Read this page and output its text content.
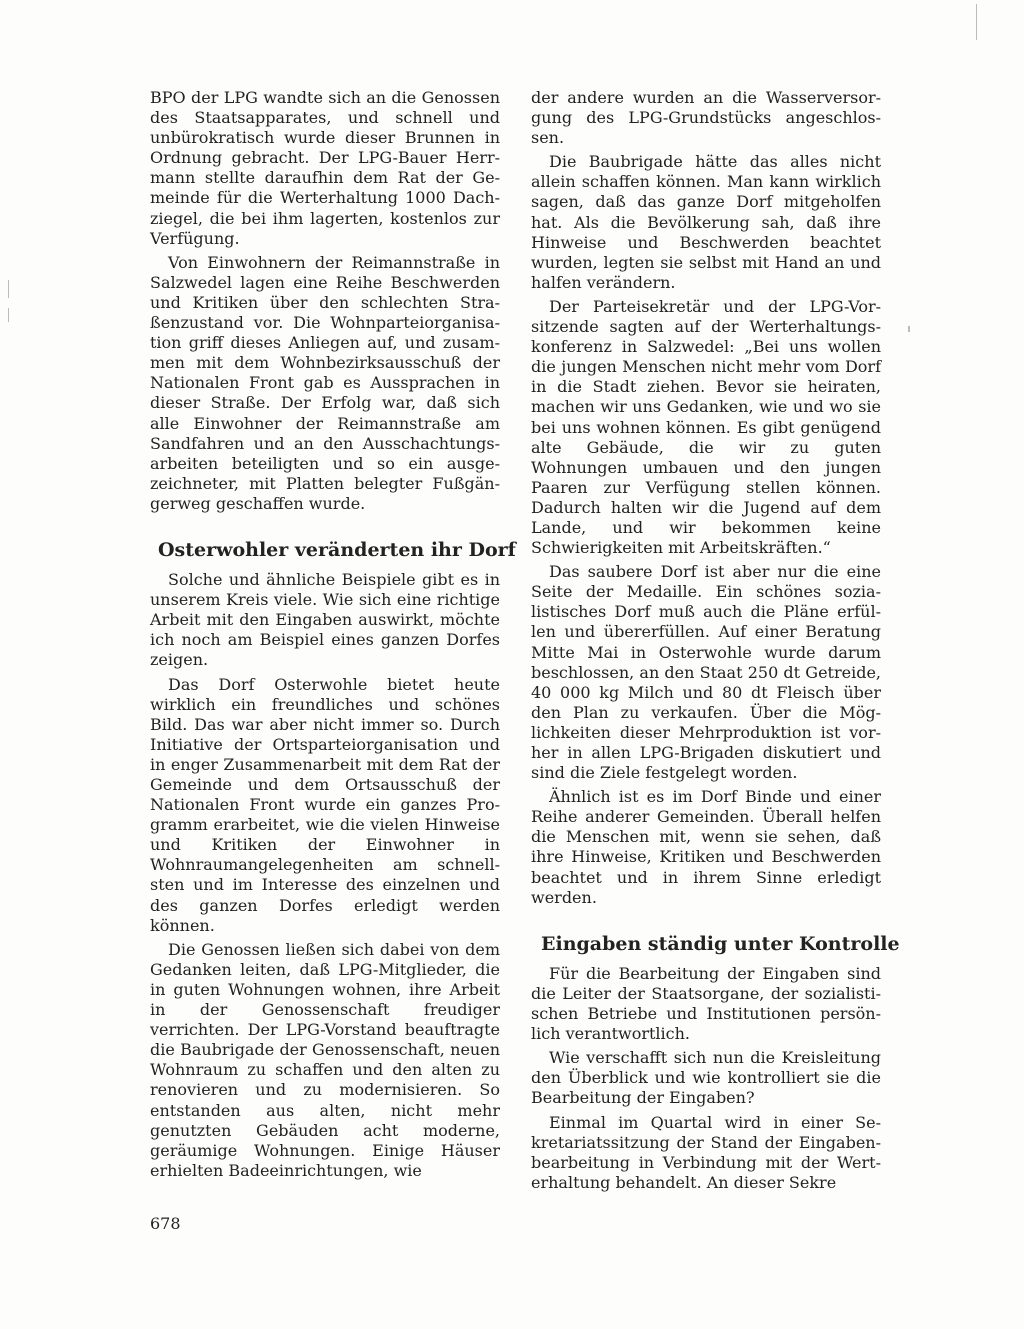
BPO der LPG wandte sich an die Genossen des Staatsapparates, und schnell und unbürokratisch wurde dieser Brunnen in Ordnung gebracht. Der LPG-Bauer Herrmann stellte daraufhin dem Rat der Gemeinde für die Werterhaltung 1000 Dachziegel, die bei ihm lagerten, kostenlos zur Verfügung.

Von Einwohnern der Reimannstraße in Salzwedel lagen eine Reihe Beschwerden und Kritiken über den schlechten Straßenzustand vor. Die Wohnparteiorganisation griff dieses Anliegen auf, und zusammen mit dem Wohnbezirksausschuß der Nationalen Front gab es Aussprachen in dieser Straße. Der Erfolg war, daß sich alle Einwohner der Reimannstraße am Sandfahren und an den Ausschachtungsarbeiten beteiligten und so ein ausgezeichneter, mit Platten belegter Fußgängerweg geschaffen wurde.

Osterwohler veränderten ihr Dorf

Solche und ähnliche Beispiele gibt es in unserem Kreis viele. Wie sich eine richtige Arbeit mit den Eingaben auswirkt, möchte ich noch am Beispiel eines ganzen Dorfes zeigen.

Das Dorf Osterwohle bietet heute wirklich ein freundliches und schönes Bild. Das war aber nicht immer so. Durch Initiative der Ortsparteiorganisation und in enger Zusammenarbeit mit dem Rat der Gemeinde und dem Ortsausschuß der Nationalen Front wurde ein ganzes Programm erarbeitet, wie die vielen Hinweise und Kritiken der Einwohner in Wohnraumangelegenheiten am schnellsten und im Interesse des einzelnen und des ganzen Dorfes erledigt werden können.

Die Genossen ließen sich dabei von dem Gedanken leiten, daß LPG-Mitglieder, die in guten Wohnungen wohnen, ihre Arbeit in der Genossenschaft freudiger verrichten. Der LPG-Vorstand beauftragte die Baubrigade der Genossenschaft, neuen Wohnraum zu schaffen und den alten zu renovieren und zu modernisieren. So entstanden aus alten, nicht mehr genutzten Gebäuden acht moderne, geräumige Wohnungen. Einige Häuser erhielten Badeeinrichtungen, wie

der andere wurden an die Wasserversorgung des LPG-Grundstücks angeschlossen.

Die Baubrigade hätte das alles nicht allein schaffen können. Man kann wirklich sagen, daß das ganze Dorf mitgeholfen hat. Als die Bevölkerung sah, daß ihre Hinweise und Beschwerden beachtet wurden, legten sie selbst mit Hand an und halfen verändern.

Der Parteisekretär und der LPG-Vorsitzende sagten auf der Werterhaltungskonferenz in Salzwedel: „Bei uns wollen die jungen Menschen nicht mehr vom Dorf in die Stadt ziehen. Bevor sie heiraten, machen wir uns Gedanken, wie und wo sie bei uns wohnen können. Es gibt genügend alte Gebäude, die wir zu guten Wohnungen umbauen und den jungen Paaren zur Verfügung stellen können. Dadurch halten wir die Jugend auf dem Lande, und wir bekommen keine Schwierigkeiten mit Arbeitskräften.“

Das saubere Dorf ist aber nur die eine Seite der Medaille. Ein schönes sozialistisches Dorf muß auch die Pläne erfüllen und übererfüllen. Auf einer Beratung Mitte Mai in Osterwohle wurde darum beschlossen, an den Staat 250 dt Getreide, 40 000 kg Milch und 80 dt Fleisch über den Plan zu verkaufen. Über die Möglichkeiten dieser Mehrproduktion ist vorher in allen LPG-Brigaden diskutiert und sind die Ziele festgelegt worden.

Ähnlich ist es im Dorf Binde und einer Reihe anderer Gemeinden. Überall helfen die Menschen mit, wenn sie sehen, daß ihre Hinweise, Kritiken und Beschwerden beachtet und in ihrem Sinne erledigt werden.

Eingaben ständig unter Kontrolle

Für die Bearbeitung der Eingaben sind die Leiter der Staatsorgane, der sozialistischen Betriebe und Institutionen persönlich verantwortlich.

Wie verschafft sich nun die Kreisleitung den Überblick und wie kontrolliert sie die Bearbeitung der Eingaben?

Einmal im Quartal wird in einer Sekretariatssitzung der Stand der Eingabenbearbeitung in Verbindung mit der Werterhaltung behandelt. An dieser Sekre

678
